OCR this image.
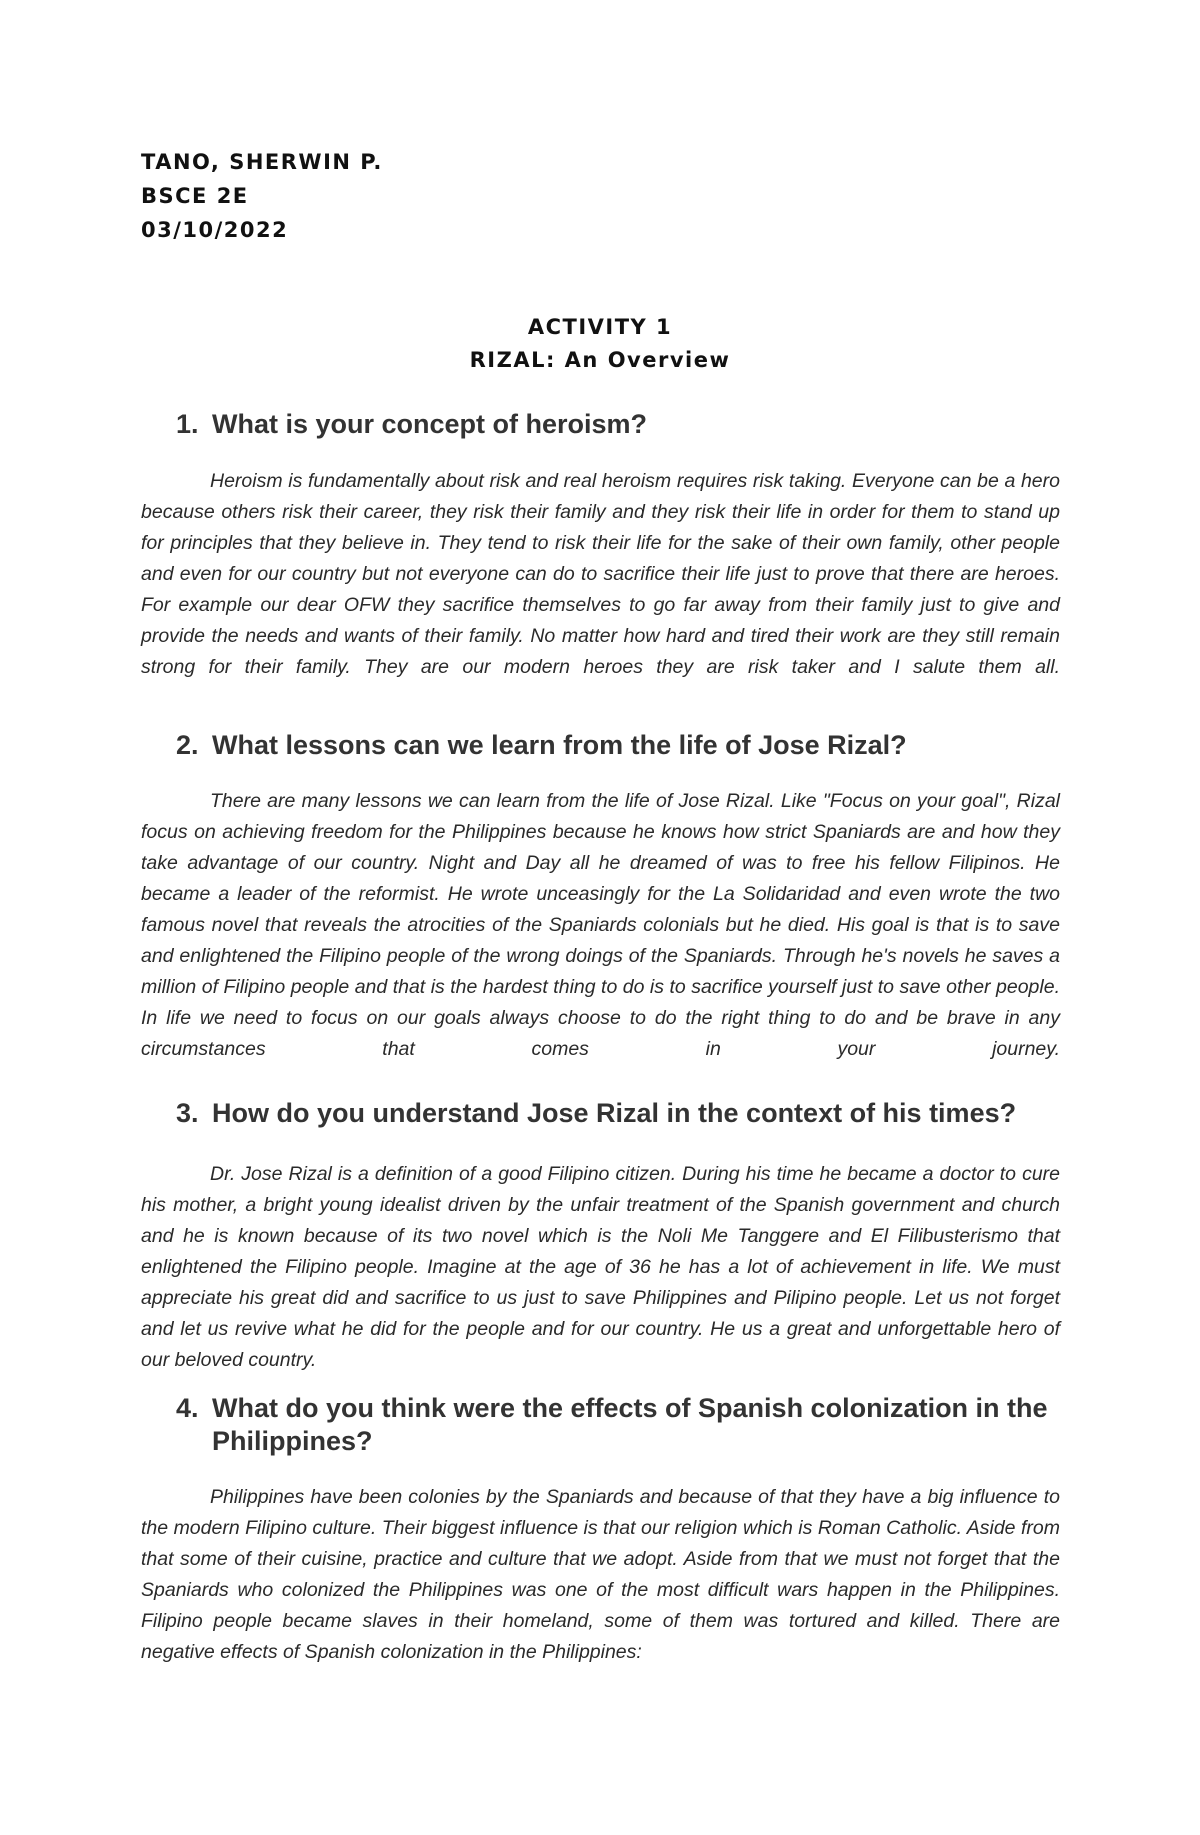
TANO, SHERWIN P.
BSCE 2E
03/10/2022
ACTIVITY 1
RIZAL: An Overview
1. What is your concept of heroism?

Heroism is fundamentally about risk and real heroism requires risk taking. Everyone can be a hero because others risk their career, they risk their family and they risk their life in order for them to stand up for principles that they believe in. They tend to risk their life for the sake of their own family, other people and even for our country but not everyone can do to sacrifice their life just to prove that there are heroes. For example our dear OFW they sacrifice themselves to go far away from their family just to give and provide the needs and wants of their family. No matter how hard and tired their work are they still remain strong for their family. They are our modern heroes they are risk taker and I salute them all.

2. What lessons can we learn from the life of Jose Rizal?

There are many lessons we can learn from the life of Jose Rizal. Like "Focus on your goal", Rizal focus on achieving freedom for the Philippines because he knows how strict Spaniards are and how they take advantage of our country. Night and Day all he dreamed of was to free his fellow Filipinos. He became a leader of the reformist. He wrote unceasingly for the La Solidaridad and even wrote the two famous novel that reveals the atrocities of the Spaniards colonials but he died. His goal is that is to save and enlightened the Filipino people of the wrong doings of the Spaniards. Through he's novels he saves a million of Filipino people and that is the hardest thing to do is to sacrifice yourself just to save other people. In life we need to focus on our goals always choose to do the right thing to do and be brave in any circumstances that comes in your journey.

3. How do you understand Jose Rizal in the context of his times?

Dr. Jose Rizal is a definition of a good Filipino citizen. During his time he became a doctor to cure his mother, a bright young idealist driven by the unfair treatment of the Spanish government and church and he is known because of its two novel which is the Noli Me Tanggere and El Filibusterismo that enlightened the Filipino people. Imagine at the age of 36 he has a lot of achievement in life. We must appreciate his great did and sacrifice to us just to save Philippines and Pilipino people. Let us not forget and let us revive what he did for the people and for our country. He us a great and unforgettable hero of our beloved country.

4. What do you think were the effects of Spanish colonization in the Philippines?

Philippines have been colonies by the Spaniards and because of that they have a big influence to the modern Filipino culture. Their biggest influence is that our religion which is Roman Catholic. Aside from that some of their cuisine, practice and culture that we adopt. Aside from that we must not forget that the Spaniards who colonized the Philippines was one of the most difficult wars happen in the Philippines. Filipino people became slaves in their homeland, some of them was tortured and killed. There are negative effects of Spanish colonization in the Philippines:
